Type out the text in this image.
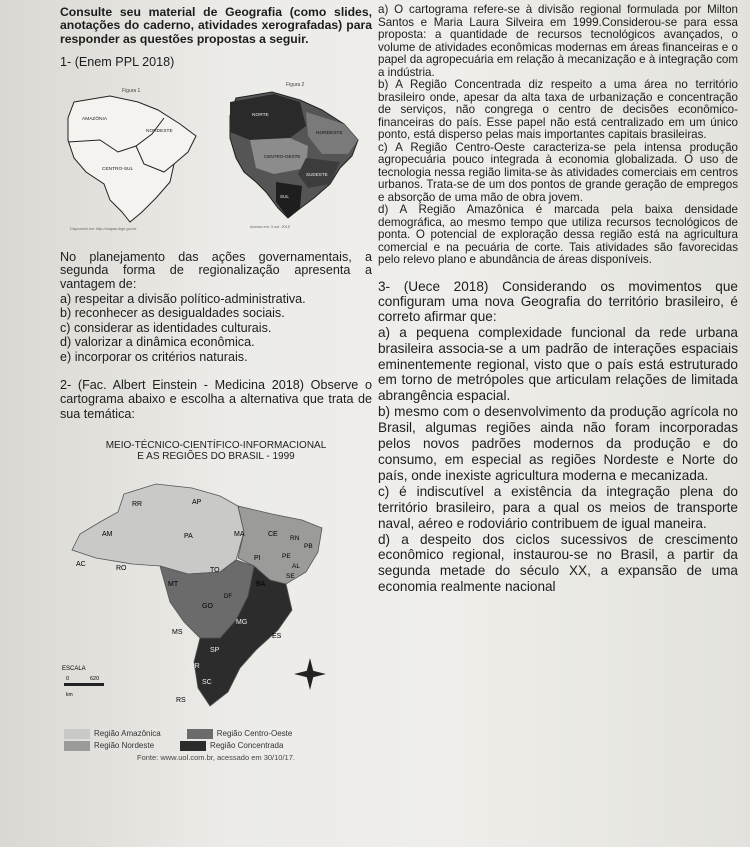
Consulte seu material de Geografia (como slides, anotações do caderno, atividades xerografadas) para responder as questões propostas a seguir.

1- (Enem PPL 2018)

Figura 1
AMAZÔNIA
NORDESTE
CENTRO-SUL
Disponível em: http://mapas.ibge.gov.br
Figura 2
NORTE
NORDESTE
CENTRO-OESTE
SUDESTE
SUL
Acesso em: 3 out. 2015

No planejamento das ações governamentais, a segunda forma de regionalização apresenta a vantagem de:

a) respeitar a divisão político-administrativa.

b) reconhecer as desigualdades sociais.

c) considerar as identidades culturais.

d) valorizar a dinâmica econômica.

e) incorporar os critérios naturais.

2- (Fac. Albert Einstein - Medicina 2018) Observe o cartograma abaixo e escolha a alternativa que trata de sua temática:

MEIO-TÉCNICO-CIENTÍFICO-INFORMACIONAL

E AS REGIÕES DO BRASIL - 1999

RR	AP
AM	PA	MA	CE
RN
PB
PI	PE
AL
SE
AC
RO	TO
BA
MT
DF
GO
MG
ES
MS
SP
RJ
PR
SC
RS
ESCALA
0	620
km
Região Amazônica	Região Centro-Oeste
Região Nordeste	Região Concentrada

Fonte: www.uol.com.br, acessado em 30/10/17.

a) O cartograma refere-se à divisão regional formulada por Milton Santos e Maria Laura Silveira em 1999.Considerou-se para essa proposta: a quantidade de recursos tecnológicos avançados, o volume de atividades econômicas modernas em áreas financeiras e o papel da agropecuária em relação à mecanização e à integração com a indústria.

b) A Região Concentrada diz respeito a uma área no território brasileiro onde, apesar da alta taxa de urbanização e concentração de serviços, não congrega o centro de decisões econômico-financeiras do país. Esse papel não está centralizado em um único ponto, está disperso pelas mais importantes capitais brasileiras.

c) A Região Centro-Oeste caracteriza-se pela intensa produção agropecuária pouco integrada à economia globalizada. O uso de tecnologia nessa região limita-se às atividades comerciais em centros urbanos. Trata-se de um dos pontos de grande geração de empregos e absorção de uma mão de obra jovem.

d) A Região Amazônica é marcada pela baixa densidade demográfica, ao mesmo tempo que utiliza recursos tecnológicos de ponta. O potencial de exploração dessa região está na agricultura comercial e na pecuária de corte. Tais atividades são favorecidas pelo relevo plano e abundância de áreas disponíveis.

3- (Uece 2018) Considerando os movimentos que configuram uma nova Geografia do território brasileiro, é correto afirmar que:

a) a pequena complexidade funcional da rede urbana brasileira associa-se a um padrão de interações espaciais eminentemente regional, visto que o país está estruturado em torno de metrópoles que articulam relações de limitada abrangência espacial.

b) mesmo com o desenvolvimento da produção agrícola no Brasil, algumas regiões ainda não foram incorporadas pelos novos padrões modernos da produção e do consumo, em especial as regiões Nordeste e Norte do país, onde inexiste agricultura moderna e mecanizada.

c) é indiscutível a existência da integração plena do território brasileiro, para a qual os meios de transporte naval, aéreo e rodoviário contribuem de igual maneira.

d) a despeito dos ciclos sucessivos de crescimento econômico regional, instaurou-se no Brasil, a partir da segunda metade do século XX, a expansão de uma economia realmente nacional
